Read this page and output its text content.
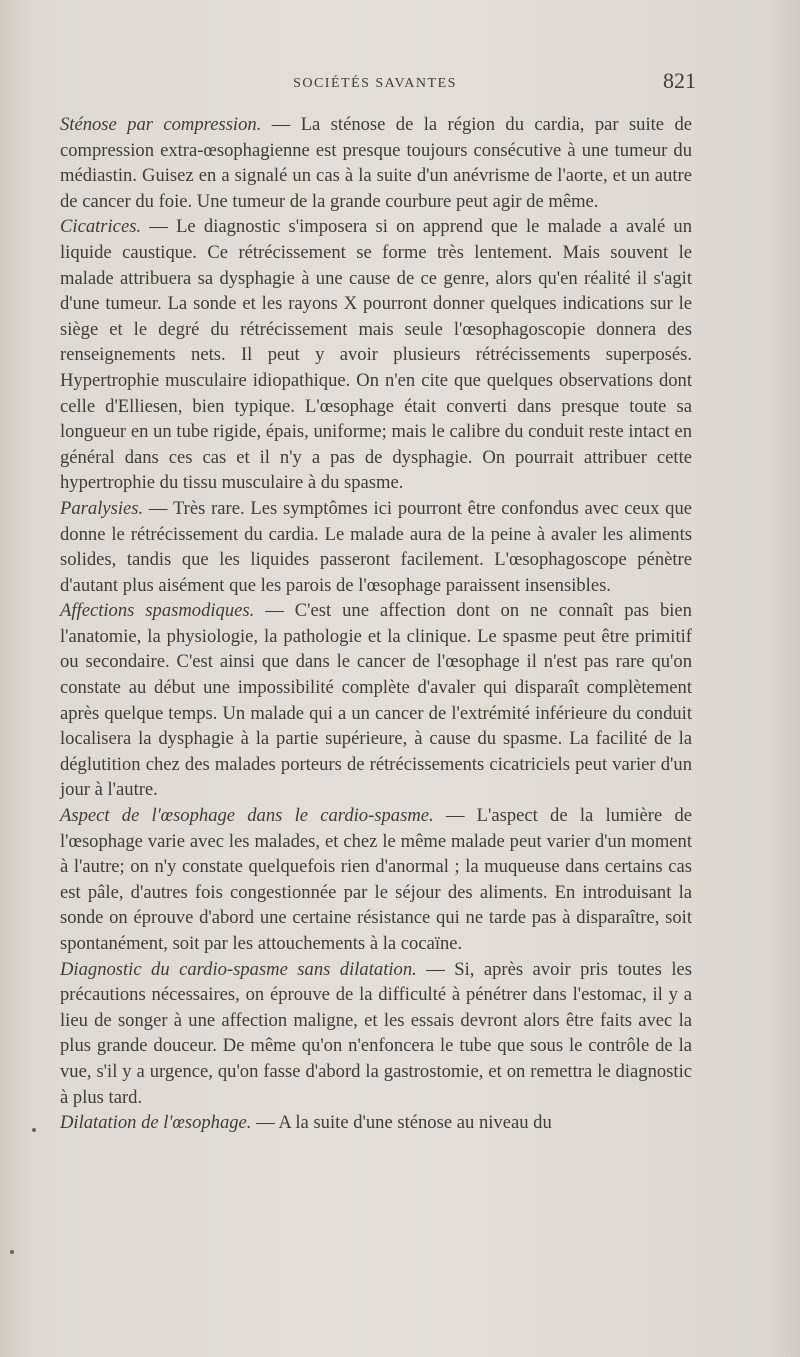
SOCIÉTÉS SAVANTES	821

Sténose par compression. — La sténose de la région du cardia, par suite de compression extra-œsophagienne est presque toujours consécutive à une tumeur du médiastin. Guisez en a signalé un cas à la suite d'un anévrisme de l'aorte, et un autre de cancer du foie. Une tumeur de la grande courbure peut agir de même.

Cicatrices. — Le diagnostic s'imposera si on apprend que le malade a avalé un liquide caustique. Ce rétrécissement se forme très lentement. Mais souvent le malade attribuera sa dysphagie à une cause de ce genre, alors qu'en réalité il s'agit d'une tumeur. La sonde et les rayons X pourront donner quelques indications sur le siège et le degré du rétrécissement mais seule l'œsophagoscopie donnera des renseignements nets. Il peut y avoir plusieurs rétrécissements superposés. Hypertrophie musculaire idiopathique. On n'en cite que quelques observations dont celle d'Elliesen, bien typique. L'œsophage était converti dans presque toute sa longueur en un tube rigide, épais, uniforme; mais le calibre du conduit reste intact en général dans ces cas et il n'y a pas de dysphagie. On pourrait attribuer cette hypertrophie du tissu musculaire à du spasme.

Paralysies. — Très rare. Les symptômes ici pourront être confondus avec ceux que donne le rétrécissement du cardia. Le malade aura de la peine à avaler les aliments solides, tandis que les liquides passeront facilement. L'œsophagoscope pénètre d'autant plus aisément que les parois de l'œsophage paraissent insensibles.

Affections spasmodiques. — C'est une affection dont on ne connaît pas bien l'anatomie, la physiologie, la pathologie et la clinique. Le spasme peut être primitif ou secondaire. C'est ainsi que dans le cancer de l'œsophage il n'est pas rare qu'on constate au début une impossibilité complète d'avaler qui disparaît complètement après quelque temps. Un malade qui a un cancer de l'extrémité inférieure du conduit localisera la dysphagie à la partie supérieure, à cause du spasme. La facilité de la déglutition chez des malades porteurs de rétrécissements cicatriciels peut varier d'un jour à l'autre.

Aspect de l'œsophage dans le cardio-spasme. — L'aspect de la lumière de l'œsophage varie avec les malades, et chez le même malade peut varier d'un moment à l'autre; on n'y constate quelquefois rien d'anormal ; la muqueuse dans certains cas est pâle, d'autres fois congestionnée par le séjour des aliments. En introduisant la sonde on éprouve d'abord une certaine résistance qui ne tarde pas à disparaître, soit spontanément, soit par les attouchements à la cocaïne.

Diagnostic du cardio-spasme sans dilatation. — Si, après avoir pris toutes les précautions nécessaires, on éprouve de la difficulté à pénétrer dans l'estomac, il y a lieu de songer à une affection maligne, et les essais devront alors être faits avec la plus grande douceur. De même qu'on n'enfoncera le tube que sous le contrôle de la vue, s'il y a urgence, qu'on fasse d'abord la gastrostomie, et on remettra le diagnostic à plus tard.

Dilatation de l'œsophage. — A la suite d'une sténose au niveau du
